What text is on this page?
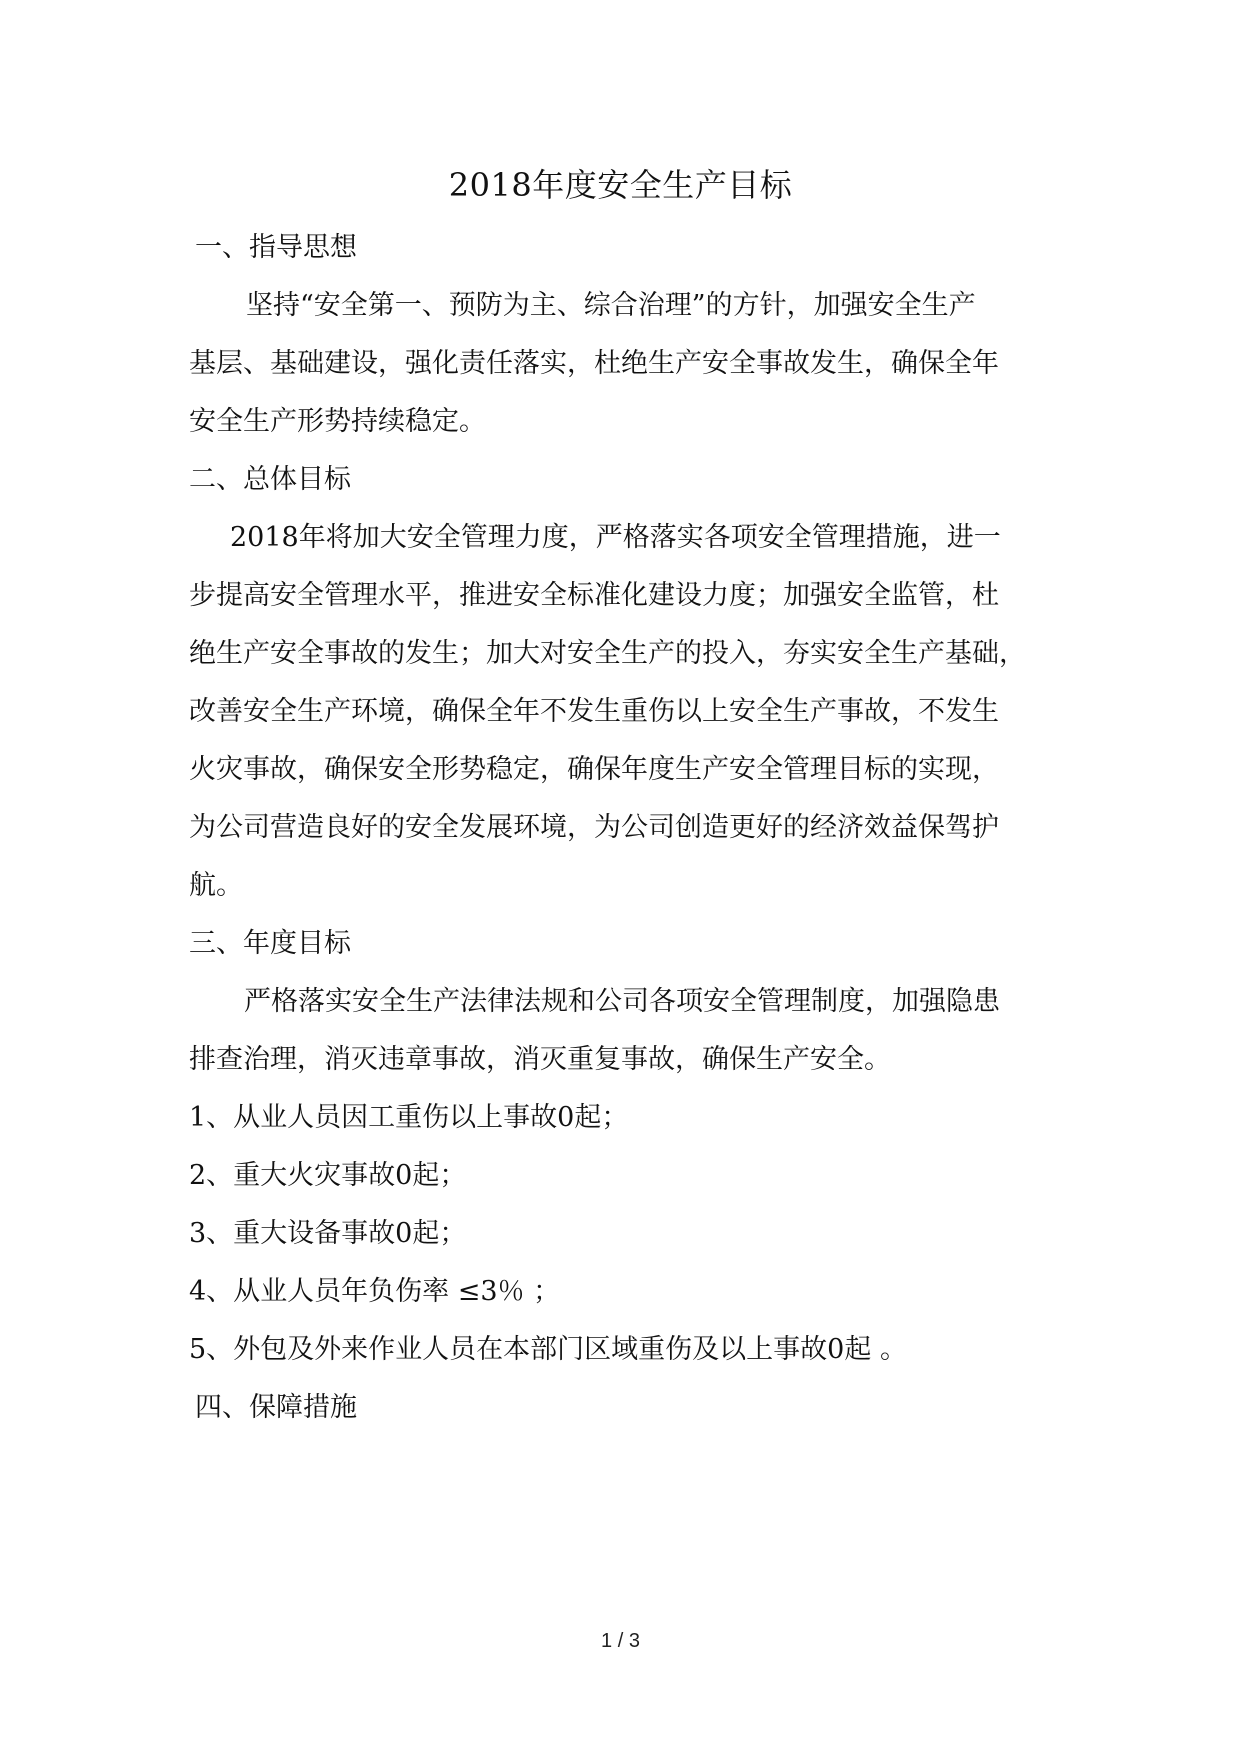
2018年度安全生产目标
一、指导思想
坚持“安全第一、预防为主、综合治理”的方针，加强安全生产
基层、基础建设，强化责任落实，杜绝生产安全事故发生，确保全年
安全生产形势持续稳定。
二、总体目标
2018年将加大安全管理力度，严格落实各项安全管理措施，进一
步提高安全管理水平，推进安全标准化建设力度；加强安全监管，杜
绝生产安全事故的发生；加大对安全生产的投入，夯实安全生产基础，
改善安全生产环境，确保全年不发生重伤以上安全生产事故，不发生
火灾事故，确保安全形势稳定，确保年度生产安全管理目标的实现，
为公司营造良好的安全发展环境，为公司创造更好的经济效益保驾护
航。
三、年度目标
严格落实安全生产法律法规和公司各项安全管理制度，加强隐患
排查治理，消灭违章事故，消灭重复事故，确保生产安全。
1、从业人员因工重伤以上事故0起；
2、重大火灾事故0起；
3、重大设备事故0起；
4、从业人员年负伤率 ≤3％ ；
5、外包及外来作业人员在本部门区域重伤及以上事故0起 。
四、保障措施
1 / 3
